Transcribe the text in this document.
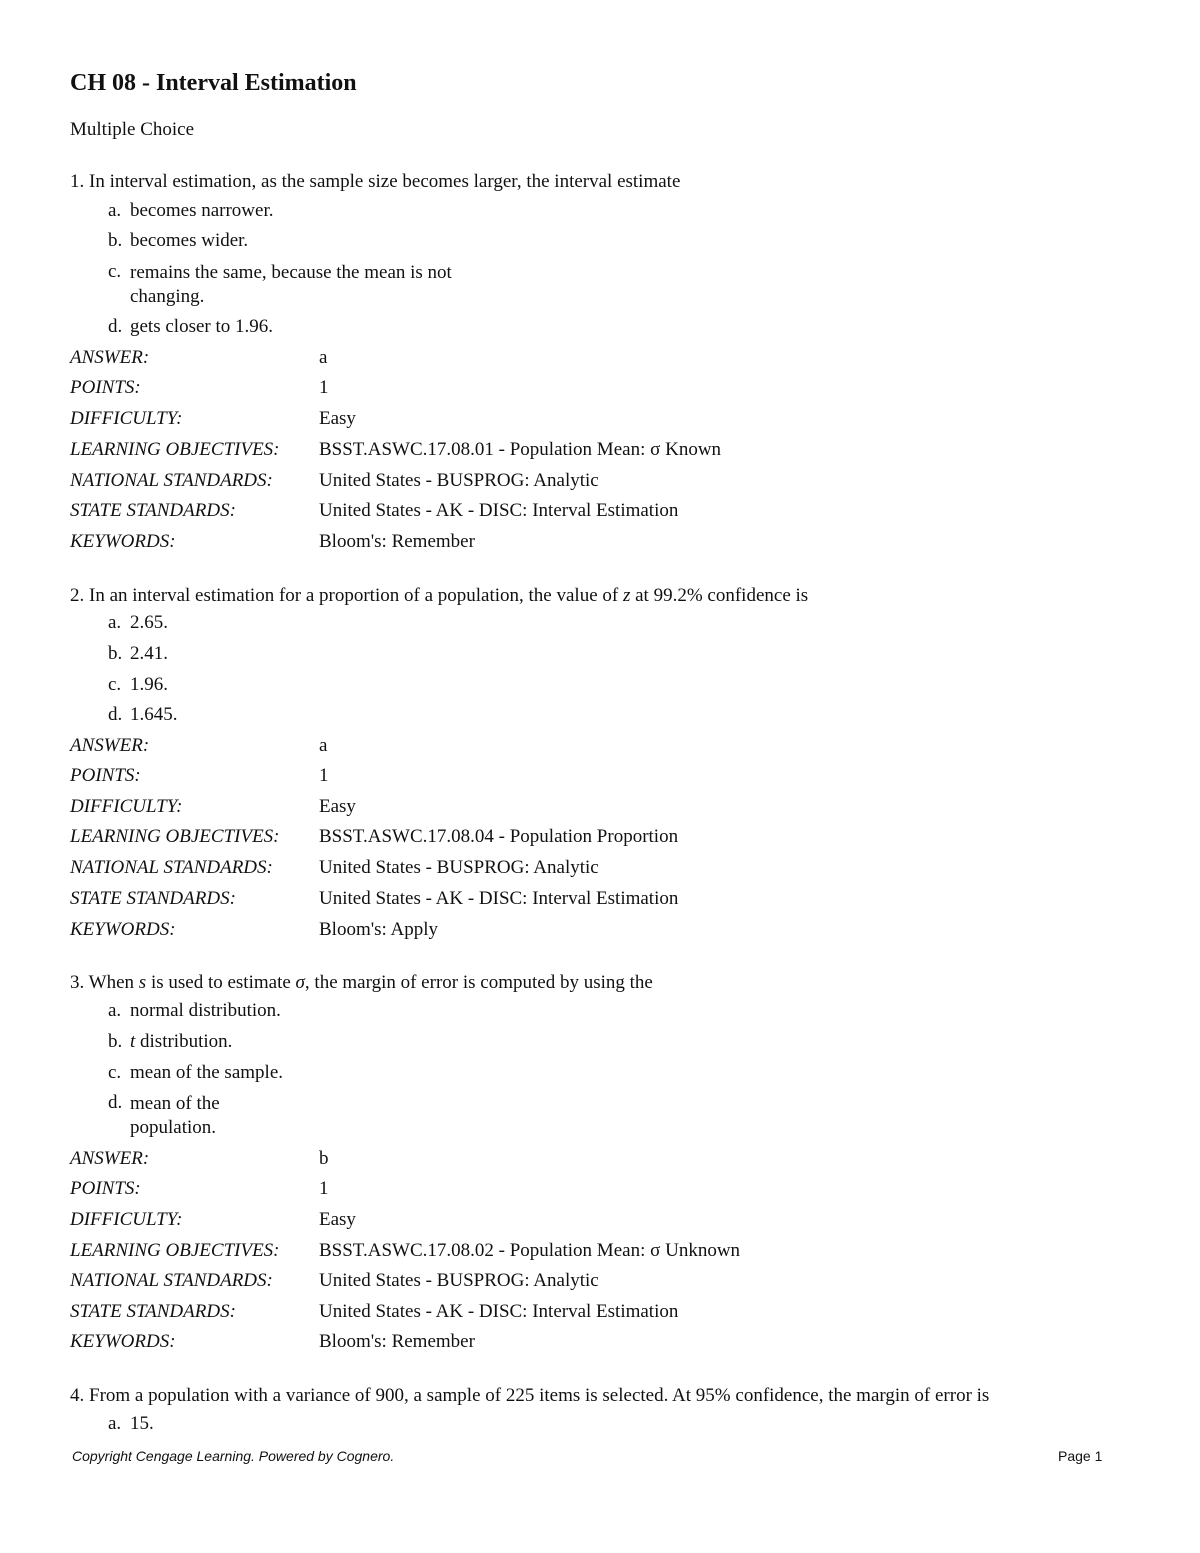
CH 08 - Interval Estimation
Multiple Choice
1. In interval estimation, as the sample size becomes larger, the interval estimate
a. becomes narrower.
b. becomes wider.
c. remains the same, because the mean is not changing.
d. gets closer to 1.96.
ANSWER:	a
POINTS:	1
DIFFICULTY:	Easy
LEARNING OBJECTIVES: BSST.ASWC.17.08.01 - Population Mean: σ Known
NATIONAL STANDARDS: United States - BUSPROG: Analytic
STATE STANDARDS:	United States - AK - DISC: Interval Estimation
KEYWORDS:	Bloom's: Remember
2. In an interval estimation for a proportion of a population, the value of z at 99.2% confidence is
a. 2.65.
b. 2.41.
c. 1.96.
d. 1.645.
ANSWER:	a
POINTS:	1
DIFFICULTY:	Easy
LEARNING OBJECTIVES: BSST.ASWC.17.08.04 - Population Proportion
NATIONAL STANDARDS: United States - BUSPROG: Analytic
STATE STANDARDS:	United States - AK - DISC: Interval Estimation
KEYWORDS:	Bloom's: Apply
3. When s is used to estimate σ, the margin of error is computed by using the
a. normal distribution.
b. t distribution.
c. mean of the sample.
d. mean of the population.
ANSWER:	b
POINTS:	1
DIFFICULTY:	Easy
LEARNING OBJECTIVES: BSST.ASWC.17.08.02 - Population Mean: σ Unknown
NATIONAL STANDARDS: United States - BUSPROG: Analytic
STATE STANDARDS:	United States - AK - DISC: Interval Estimation
KEYWORDS:	Bloom's: Remember
4. From a population with a variance of 900, a sample of 225 items is selected. At 95% confidence, the margin of error is
a. 15.
Copyright Cengage Learning. Powered by Cognero.	Page 1
